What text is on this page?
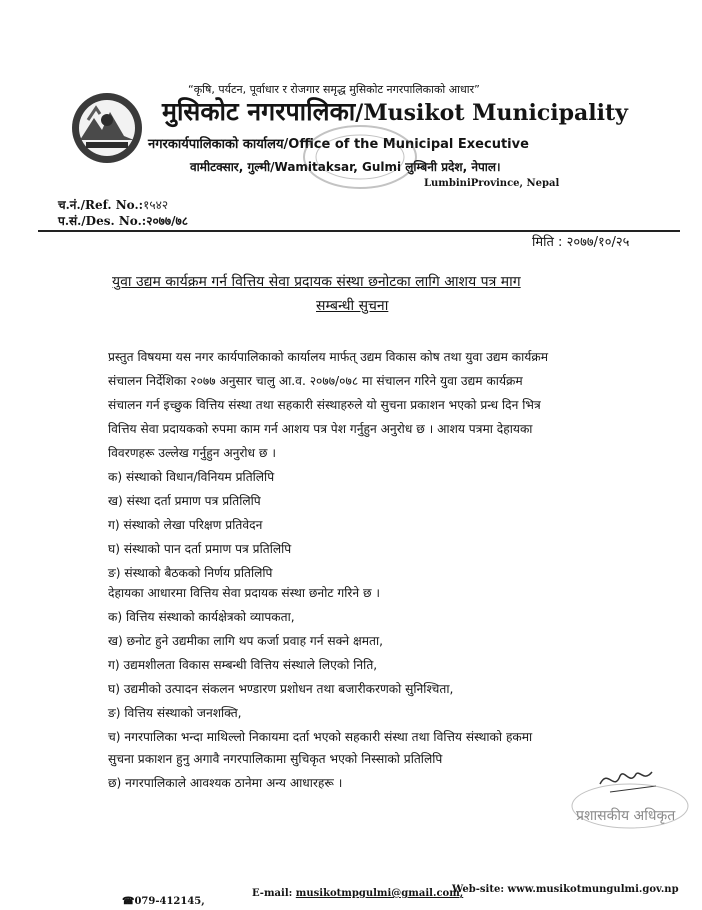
“कृषि, पर्यटन, पूर्वाधार र रोजगार समृद्ध मुसिकोट नगरपालिकाको आधार”
मुसिकोट नगरपालिका/Musikot Municipality
नगरकार्यपालिकाको कार्यालय/Office of the Municipal Executive
वामीटक्सार, गुल्मी/Wamitaksar, Gulmi लुम्बिनी प्रदेश, नेपाल।
LumbiniProvince, Nepal
च.नं./Ref. No.:१५४२
प.सं./Des. No.:२०७७/७८
मिति : २०७७/१०/२५
युवा उद्यम कार्यक्रम गर्न वित्तिय सेवा प्रदायक संस्था छनोटका लागि आशय पत्र माग
सम्बन्धी सुचना
प्रस्तुत विषयमा यस नगर कार्यपालिकाको कार्यालय मार्फत् उद्यम विकास कोष तथा युवा उद्यम कार्यक्रम
संचालन निर्देशिका २०७७ अनुसार चालु आ.व. २०७७/०७८ मा संचालन गरिने युवा उद्यम कार्यक्रम
संचालन गर्न इच्छुक वित्तिय संस्था तथा सहकारी संस्थाहरुले यो सुचना प्रकाशन भएको प्रन्ध दिन भित्र
वित्तिय सेवा प्रदायकको रुपमा काम गर्न आशय पत्र पेश गर्नुहुन अनुरोध छ । आशय पत्रमा देहायका
विवरणहरू उल्लेख गर्नुहुन अनुरोध छ ।
क) संस्थाको विधान/विनियम प्रतिलिपि
ख) संस्था दर्ता प्रमाण पत्र प्रतिलिपि
ग) संस्थाको लेखा परिक्षण प्रतिवेदन
घ) संस्थाको पान दर्ता प्रमाण पत्र प्रतिलिपि
ङ) संस्थाको बैठकको निर्णय प्रतिलिपि
देहायका आधारमा वित्तिय सेवा प्रदायक संस्था छनोट गरिने छ ।
क) वित्तिय संस्थाको कार्यक्षेत्रको व्यापकता,
ख) छनोट हुने उद्यमीका लागि थप कर्जा प्रवाह गर्न सक्ने क्षमता,
ग) उद्यमशीलता विकास सम्बन्धी वित्तिय संस्थाले लिएको निति,
घ) उद्यमीको उत्पादन संकलन भण्डारण प्रशोधन तथा बजारीकरणको सुनिश्चिता,
ङ) वित्तिय संस्थाको जनशक्ति,
च) नगरपालिका भन्दा माथिल्लो निकायमा दर्ता भएको सहकारी संस्था तथा वित्तिय संस्थाको हकमा
सुचना प्रकाशन हुनु अगावै नगरपालिकामा सुचिकृत भएको निस्साको प्रतिलिपि
छ) नगरपालिकाले आवश्यक ठानेमा अन्य आधारहरू ।
प्रशासकीय अधिकृत
☎079-412145,
E-mail: musikotmpgulmi@gmail.com,
Web-site: www.musikotmungulmi.gov.np
